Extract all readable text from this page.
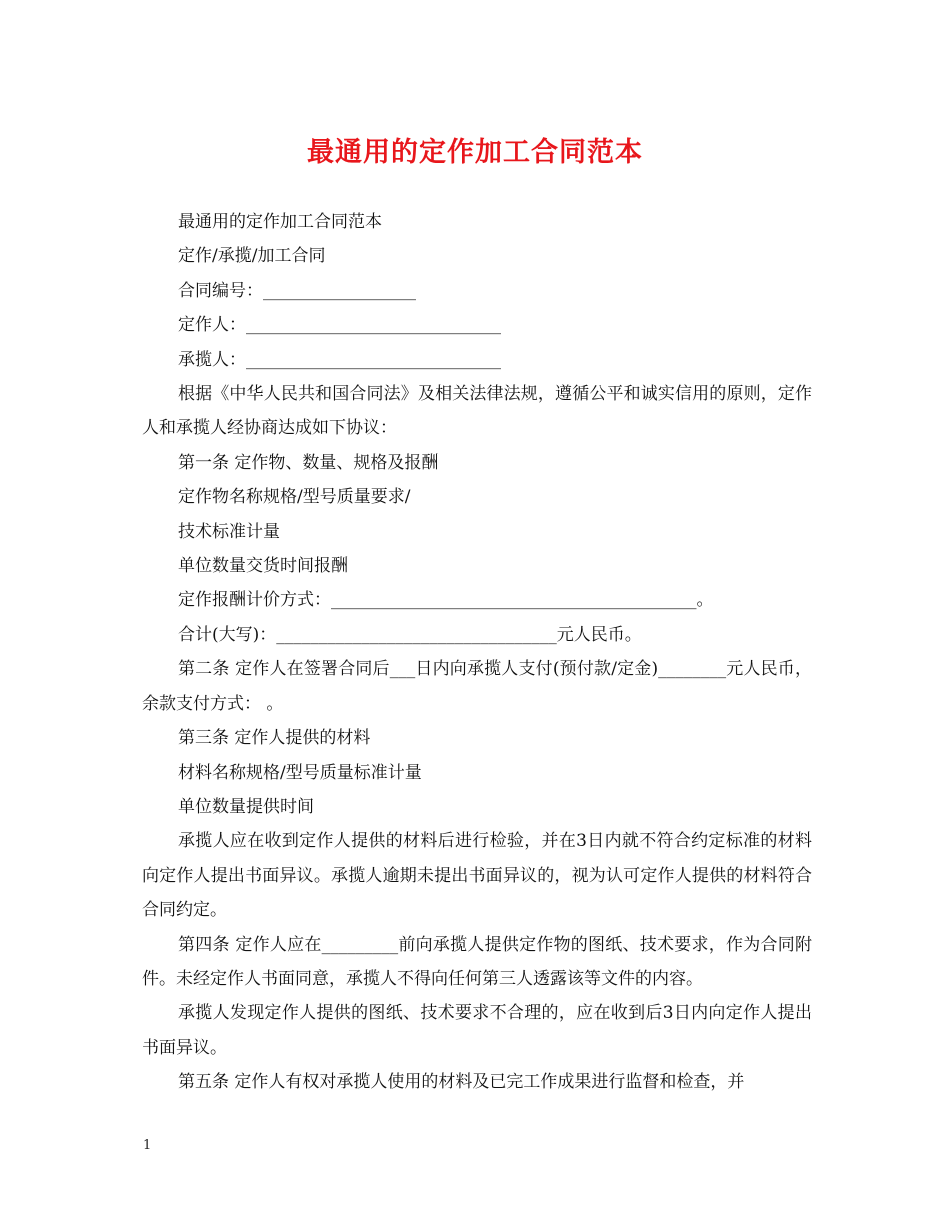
最通用的定作加工合同范本

最通用的定作加工合同范本

定作/承揽/加工合同

合同编号：__________________

定作人：______________________________

承揽人：______________________________

根据《中华人民共和国合同法》及相关法律法规，遵循公平和诚实信用的原则，定作人和承揽人经协商达成如下协议：

第一条 定作物、数量、规格及报酬

定作物名称规格/型号质量要求/

技术标准计量

单位数量交货时间报酬

定作报酬计价方式：___________________________________________。

合计(大写)：_________________________________元人民币。

第二条 定作人在签署合同后___日内向承揽人支付(预付款/定金)________元人民币，余款支付方式： 。

第三条 定作人提供的材料

材料名称规格/型号质量标准计量

单位数量提供时间

承揽人应在收到定作人提供的材料后进行检验，并在3日内就不符合约定标准的材料向定作人提出书面异议。承揽人逾期未提出书面异议的，视为认可定作人提供的材料符合合同约定。

第四条 定作人应在_________前向承揽人提供定作物的图纸、技术要求，作为合同附件。未经定作人书面同意，承揽人不得向任何第三人透露该等文件的内容。

承揽人发现定作人提供的图纸、技术要求不合理的，应在收到后3日内向定作人提出书面异议。

第五条 定作人有权对承揽人使用的材料及已完工作成果进行监督和检查，并

1
